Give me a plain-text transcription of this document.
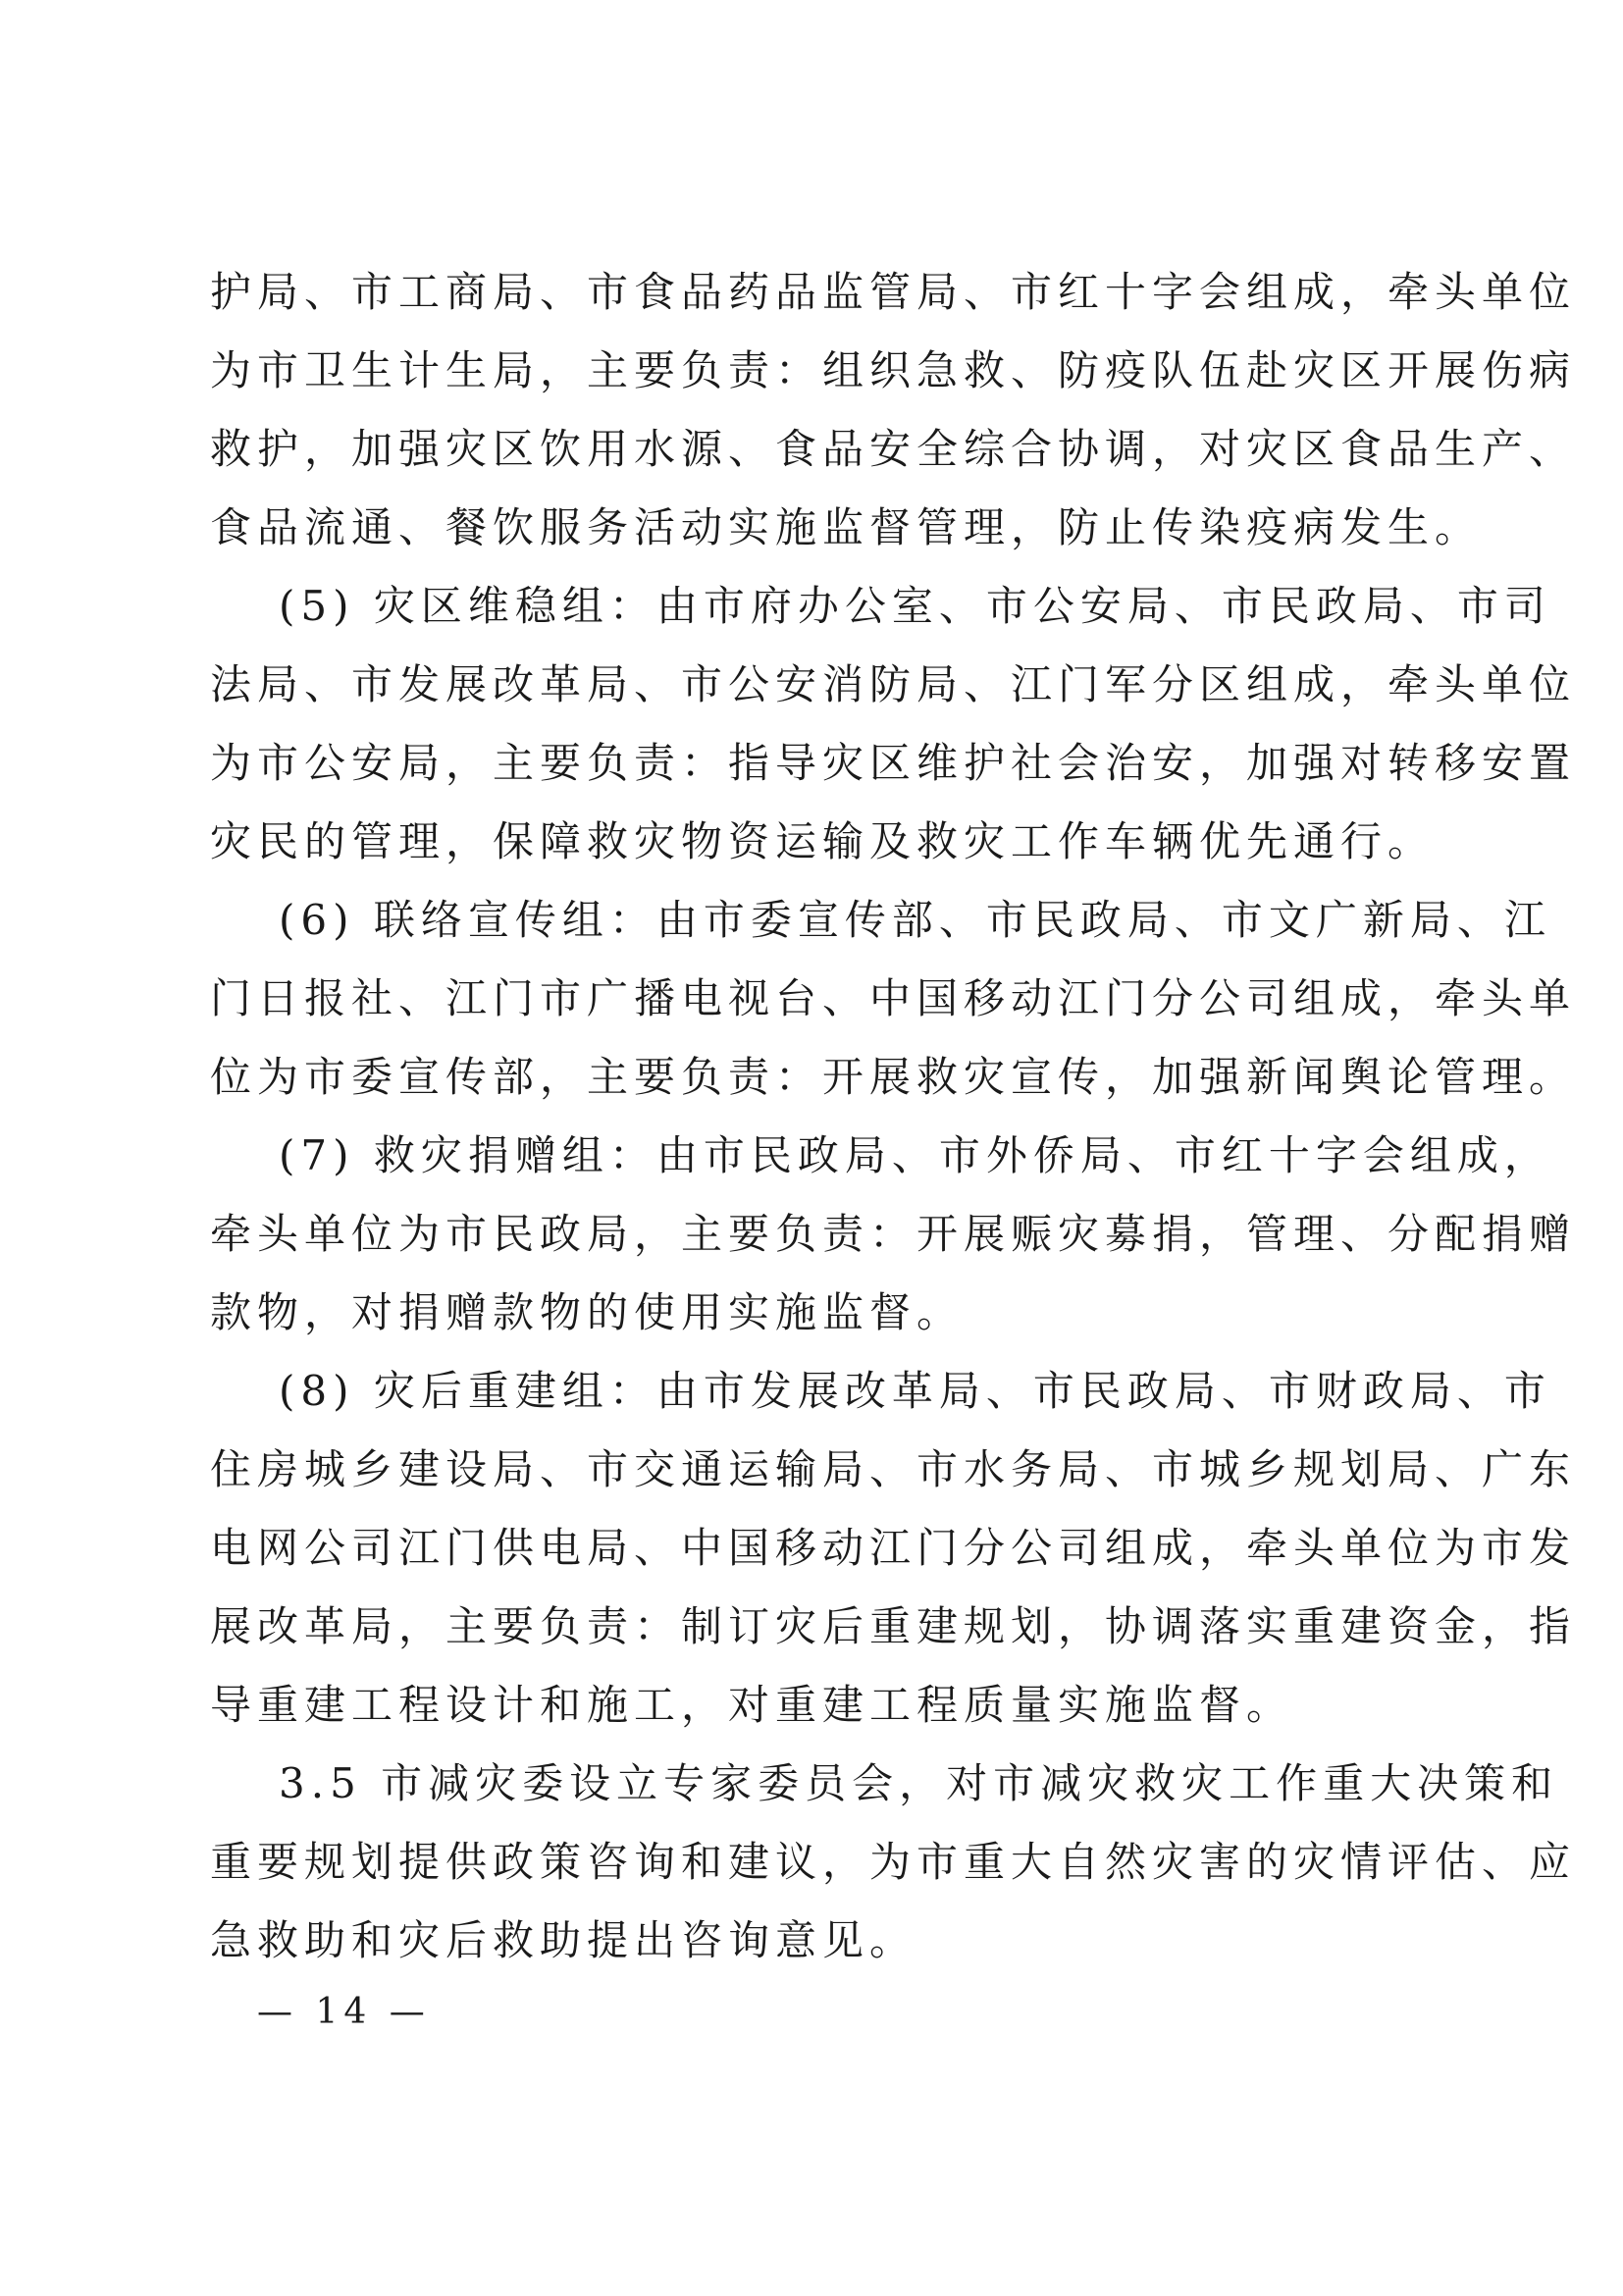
护局、市工商局、市食品药品监管局、市红十字会组成，牵头单位
为市卫生计生局，主要负责：组织急救、防疫队伍赴灾区开展伤病
救护，加强灾区饮用水源、食品安全综合协调，对灾区食品生产、
食品流通、餐饮服务活动实施监督管理，防止传染疫病发生。
(5) 灾区维稳组：由市府办公室、市公安局、市民政局、市司
法局、市发展改革局、市公安消防局、江门军分区组成，牵头单位
为市公安局，主要负责：指导灾区维护社会治安，加强对转移安置
灾民的管理，保障救灾物资运输及救灾工作车辆优先通行。
(6) 联络宣传组：由市委宣传部、市民政局、市文广新局、江
门日报社、江门市广播电视台、中国移动江门分公司组成，牵头单
位为市委宣传部，主要负责：开展救灾宣传，加强新闻舆论管理。
(7) 救灾捐赠组：由市民政局、市外侨局、市红十字会组成，
牵头单位为市民政局，主要负责：开展赈灾募捐，管理、分配捐赠
款物，对捐赠款物的使用实施监督。
(8) 灾后重建组：由市发展改革局、市民政局、市财政局、市
住房城乡建设局、市交通运输局、市水务局、市城乡规划局、广东
电网公司江门供电局、中国移动江门分公司组成，牵头单位为市发
展改革局，主要负责：制订灾后重建规划，协调落实重建资金，指
导重建工程设计和施工，对重建工程质量实施监督。
3.5 市减灾委设立专家委员会，对市减灾救灾工作重大决策和
重要规划提供政策咨询和建议，为市重大自然灾害的灾情评估、应
急救助和灾后救助提出咨询意见。
— 14 —
